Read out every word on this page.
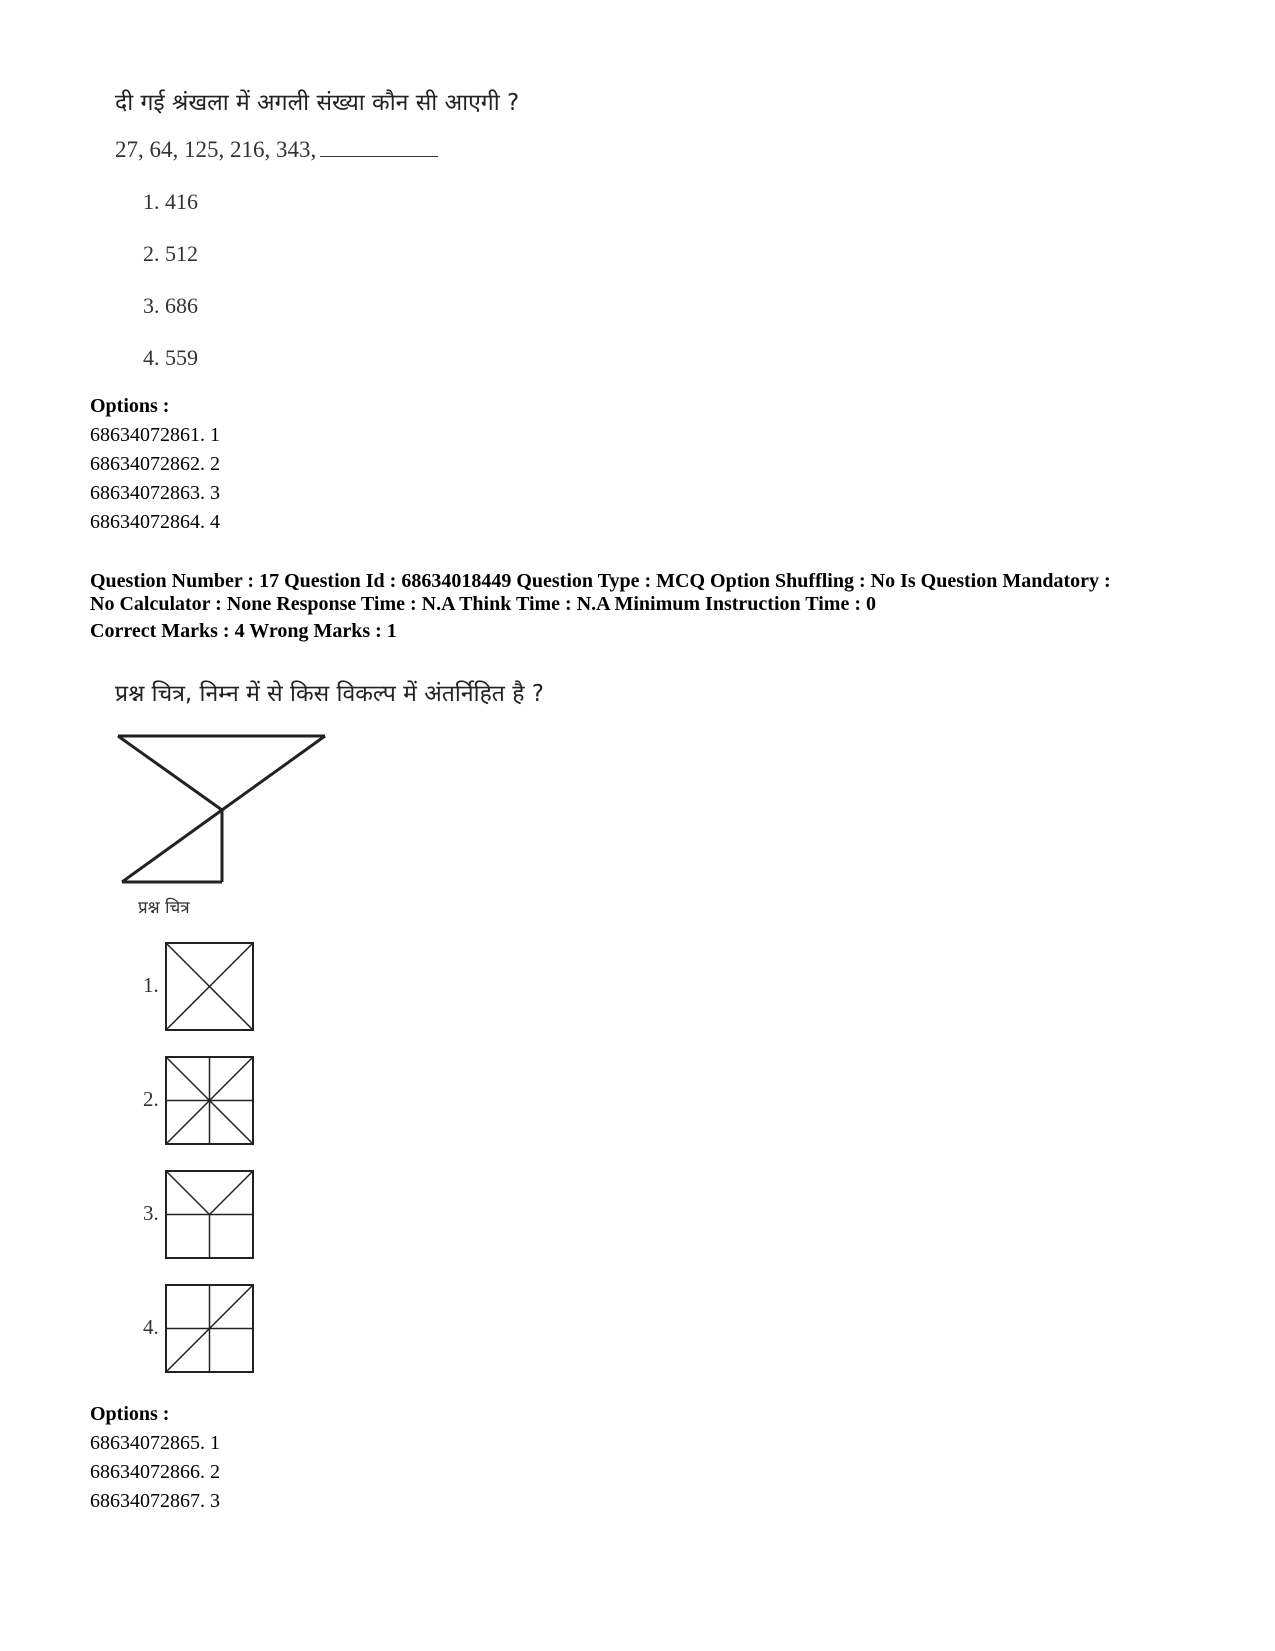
दी गई श्रंखला में अगली संख्या कौन सी आएगी ?
27, 64, 125, 216, 343,
1. 416
2. 512
3. 686
4. 559
Options :
68634072861. 1
68634072862. 2
68634072863. 3
68634072864. 4
Question Number : 17 Question Id : 68634018449 Question Type : MCQ Option Shuffling : No Is Question Mandatory :
No Calculator : None Response Time : N.A Think Time : N.A Minimum Instruction Time : 0
Correct Marks : 4 Wrong Marks : 1
प्रश्न चित्र, निम्न में से किस विकल्प में अंतर्निहित है ?
प्रश्न चित्र
1.
2.
3.
4.
Options :
68634072865. 1
68634072866. 2
68634072867. 3
